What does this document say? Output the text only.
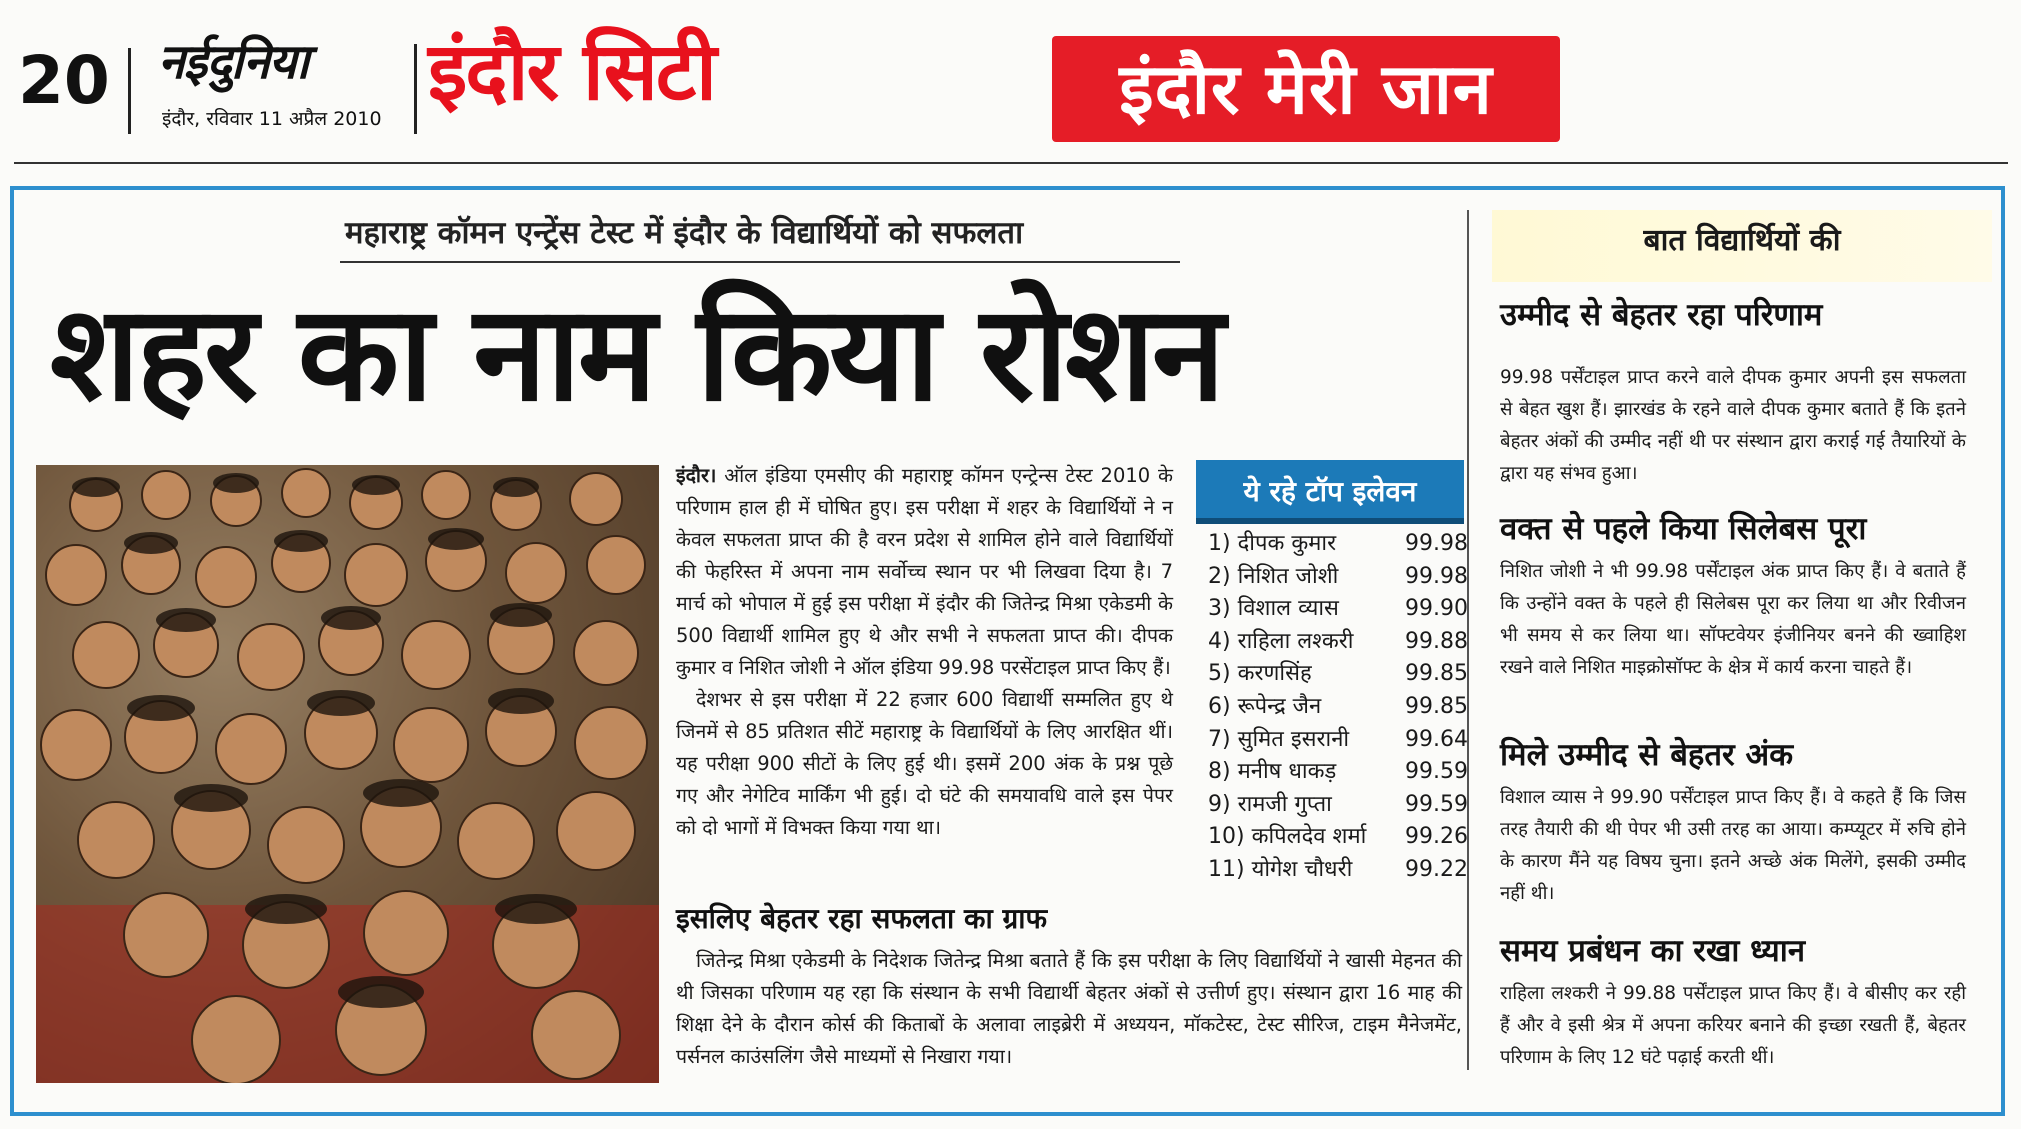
20 नईदुनिया
इंदौर, रविवार 11 अप्रैल 2010
इंदौर सिटी	इंदौर मेरी जान
महाराष्ट्र कॉमन एन्ट्रेंस टेस्ट में इंदौर के विद्यार्थियों को सफलता
शहर का नाम किया रोशन

इंदौर। ऑल इंडिया एमसीए की महाराष्ट्र कॉमन एन्ट्रेन्स टेस्ट 2010 के परिणाम हाल ही में घोषित हुए। इस परीक्षा में शहर के विद्यार्थियों ने न केवल सफलता प्राप्त की है वरन प्रदेश से शामिल होने वाले विद्यार्थियों की फेहरिस्त में अपना नाम सर्वोच्च स्थान पर भी लिखवा दिया है। 7 मार्च को भोपाल में हुई इस परीक्षा में इंदौर की जितेन्द्र मिश्रा एकेडमी के 500 विद्यार्थी शामिल हुए थे और सभी ने सफलता प्राप्त की। दीपक कुमार व निशित जोशी ने ऑल इंडिया 99.98 परसेंटाइल प्राप्त किए हैं।

देशभर से इस परीक्षा में 22 हजार 600 विद्यार्थी सम्मलित हुए थे जिनमें से 85 प्रतिशत सीटें महाराष्ट्र के विद्यार्थियों के लिए आरक्षित थीं। यह परीक्षा 900 सीटों के लिए हुई थी। इसमें 200 अंक के प्रश्न पूछे गए और नेगेटिव मार्किंग भी हुई। दो घंटे की समयावधि वाले इस पेपर को दो भागों में विभक्त किया गया था।

ये रहे टॉप इलेवन
1) दीपक कुमार	99.98
2) निशित जोशी	99.98
3) विशाल व्यास	99.90
4) राहिला लश्करी	99.88
5) करणसिंह	99.85
6) रूपेन्द्र जैन	99.85
7) सुमित इसरानी	99.64
8) मनीष धाकड़	99.59
9) रामजी गुप्ता	99.59
10) कपिलदेव शर्मा	99.26
11) योगेश चौधरी	99.22
इसलिए बेहतर रहा सफलता का ग्राफ
जितेन्द्र मिश्रा एकेडमी के निदेशक जितेन्द्र मिश्रा बताते हैं कि इस परीक्षा के लिए विद्यार्थियों ने खासी मेहनत की थी जिसका परिणाम यह रहा कि संस्थान के सभी विद्यार्थी बेहतर अंकों से उत्तीर्ण हुए। संस्थान द्वारा 16 माह की शिक्षा देने के दौरान कोर्स की किताबों के अलावा लाइब्रेरी में अध्ययन, मॉकटेस्ट, टेस्ट सीरिज, टाइम मैनेजमेंट, पर्सनल काउंसलिंग जैसे माध्यमों से निखारा गया।
बात विद्यार्थियों की
उम्मीद से बेहतर रहा परिणाम
99.98 पर्सेंटाइल प्राप्त करने वाले दीपक कुमार अपनी इस सफलता से बेहत खुश हैं। झारखंड के रहने वाले दीपक कुमार बताते हैं कि इतने बेहतर अंकों की उम्मीद नहीं थी पर संस्थान द्वारा कराई गई तैयारियों के द्वारा यह संभव हुआ।
वक्त से पहले किया सिलेबस पूरा
निशित जोशी ने भी 99.98 पर्सेंटाइल अंक प्राप्त किए हैं। वे बताते हैं कि उन्होंने वक्त के पहले ही सिलेबस पूरा कर लिया था और रिवीजन भी समय से कर लिया था। सॉफ्टवेयर इंजीनियर बनने की ख्वाहिश रखने वाले निशित माइक्रोसॉफ्ट के क्षेत्र में कार्य करना चाहते हैं।
मिले उम्मीद से बेहतर अंक
विशाल व्यास ने 99.90 पर्सेंटाइल प्राप्त किए हैं। वे कहते हैं कि जिस तरह तैयारी की थी पेपर भी उसी तरह का आया। कम्प्यूटर में रुचि होने के कारण मैंने यह विषय चुना। इतने अच्छे अंक मिलेंगे, इसकी उम्मीद नहीं थी।
समय प्रबंधन का रखा ध्यान
राहिला लश्करी ने 99.88 पर्सेंटाइल प्राप्त किए हैं। वे बीसीए कर रही हैं और वे इसी श्रेत्र में अपना करियर बनाने की इच्छा रखती हैं, बेहतर परिणाम के लिए 12 घंटे पढ़ाई करती थीं।
